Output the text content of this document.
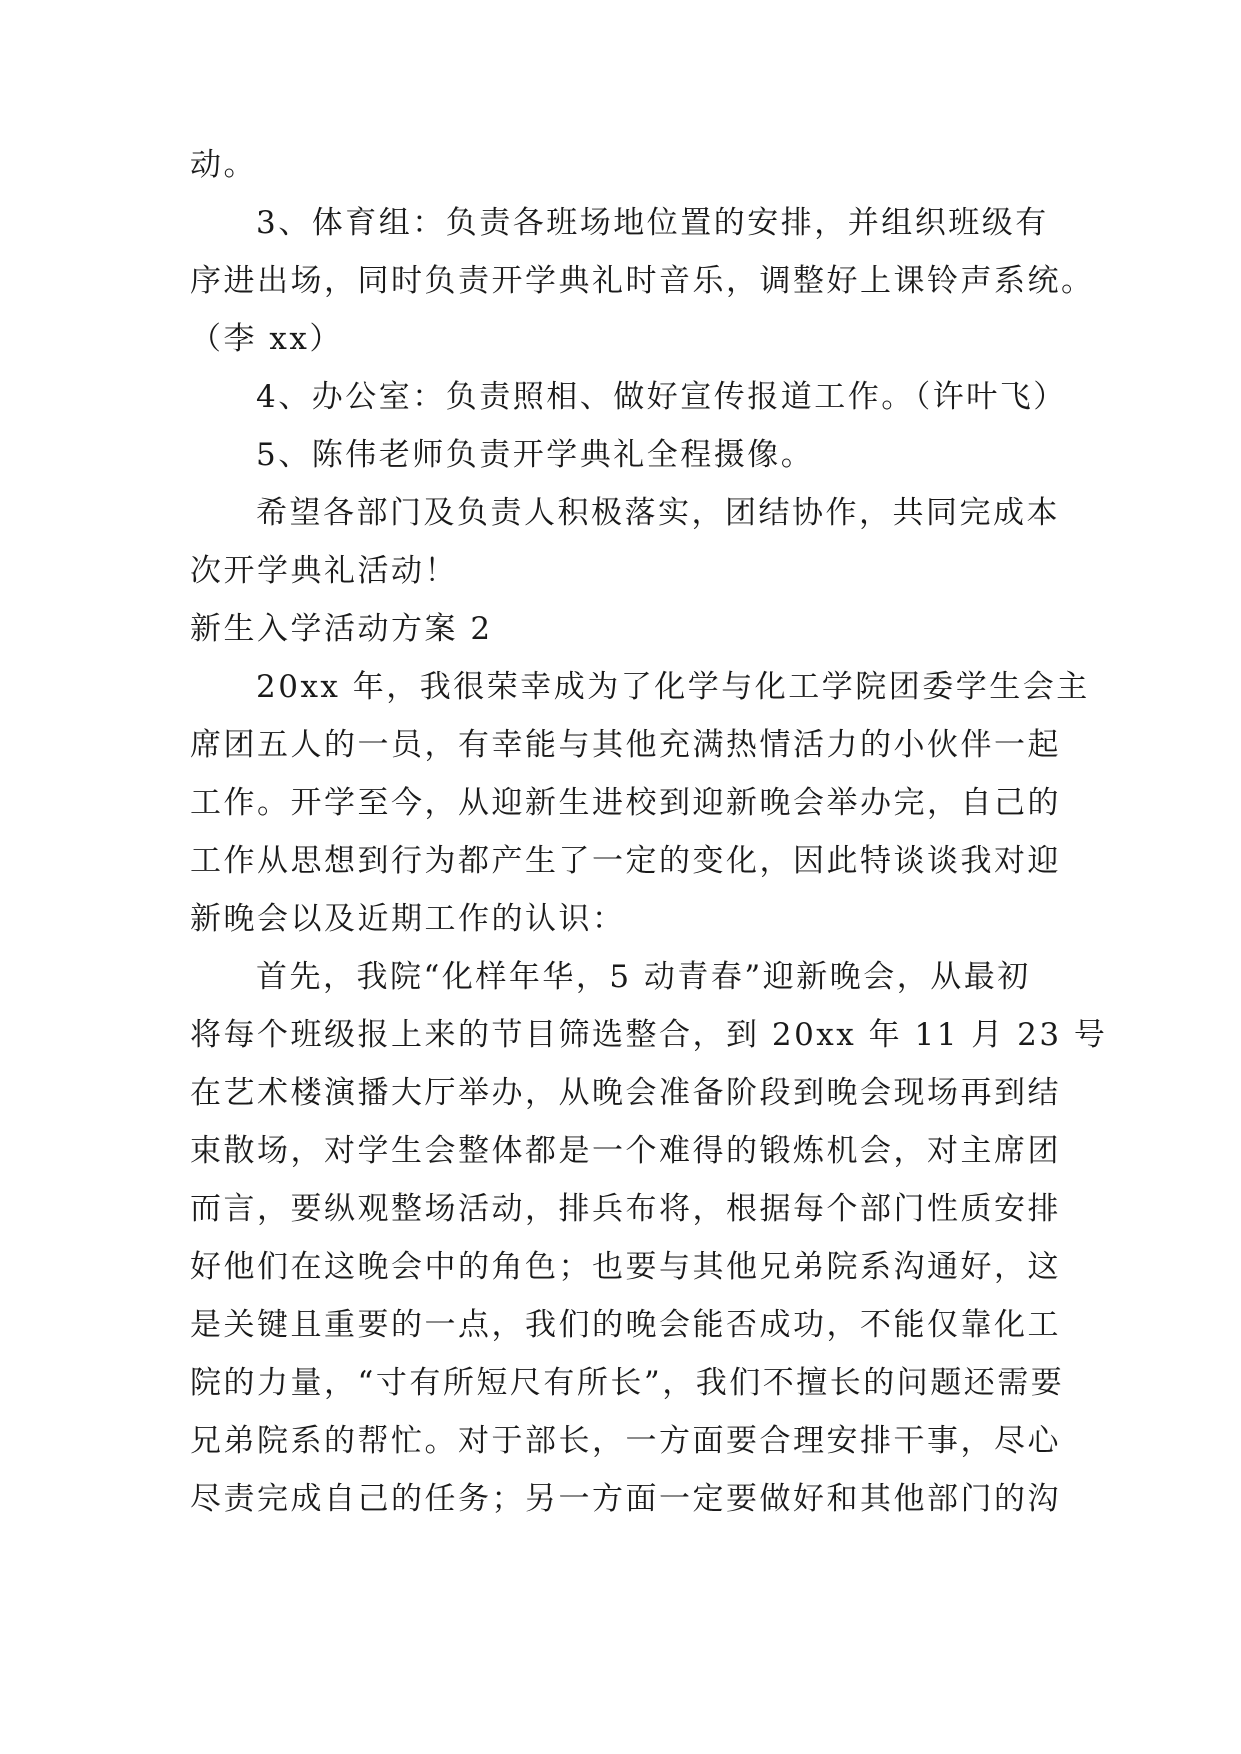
动。
3、体育组：负责各班场地位置的安排，并组织班级有
序进出场，同时负责开学典礼时音乐，调整好上课铃声系统。
（李 xx）
4、办公室：负责照相、做好宣传报道工作。（许叶飞）
5、陈伟老师负责开学典礼全程摄像。
希望各部门及负责人积极落实，团结协作，共同完成本
次开学典礼活动！
新生入学活动方案 2
20xx 年，我很荣幸成为了化学与化工学院团委学生会主
席团五人的一员，有幸能与其他充满热情活力的小伙伴一起
工作。开学至今，从迎新生进校到迎新晚会举办完，自己的
工作从思想到行为都产生了一定的变化，因此特谈谈我对迎
新晚会以及近期工作的认识：
首先，我院“化样年华，5 动青春”迎新晚会，从最初
将每个班级报上来的节目筛选整合，到 20xx 年 11 月 23 号
在艺术楼演播大厅举办，从晚会准备阶段到晚会现场再到结
束散场，对学生会整体都是一个难得的锻炼机会，对主席团
而言，要纵观整场活动，排兵布将，根据每个部门性质安排
好他们在这晚会中的角色；也要与其他兄弟院系沟通好，这
是关键且重要的一点，我们的晚会能否成功，不能仅靠化工
院的力量，“寸有所短尺有所长”，我们不擅长的问题还需要
兄弟院系的帮忙。对于部长，一方面要合理安排干事，尽心
尽责完成自己的任务；另一方面一定要做好和其他部门的沟
